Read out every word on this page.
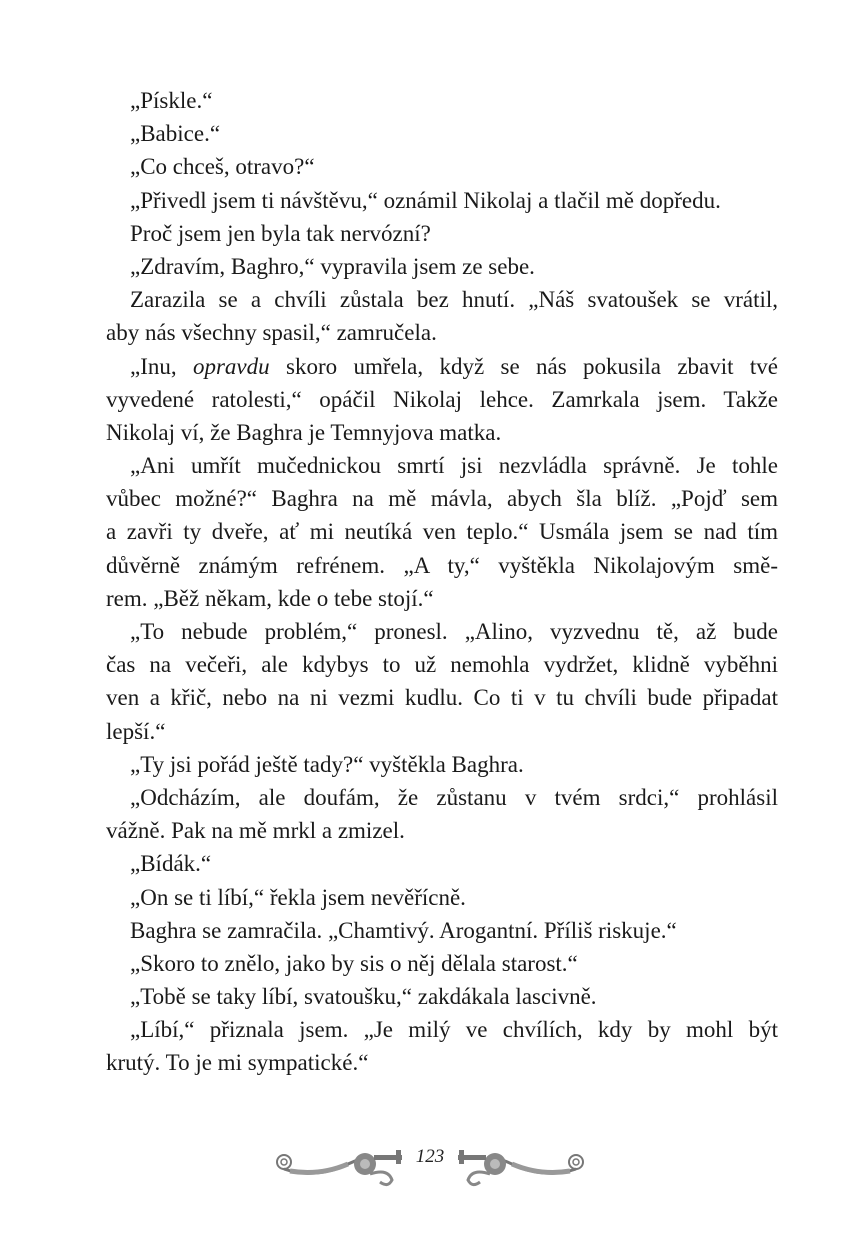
„Pískle.“
„Babice.“
„Co chceš, otravo?“
„Přivedl jsem ti návštěvu,“ oznámil Nikolaj a tlačil mě dopředu.
Proč jsem jen byla tak nervózní?
„Zdravím, Baghro,“ vypravila jsem ze sebe.
Zarazila se a chvíli zůstala bez hnutí. „Náš svatoušek se vrátil,
aby nás všechny spasil,“ zamručela.
„Inu, opravdu skoro umřela, když se nás pokusila zbavit tvé
vyvedené ratolesti,“ opáčil Nikolaj lehce. Zamrkala jsem. Takže
Nikolaj ví, že Baghra je Temnyjova matka.
„Ani umřít mučednickou smrtí jsi nezvládla správně. Je tohle
vůbec možné?“ Baghra na mě mávla, abych šla blíž. „Pojď sem
a zavři ty dveře, ať mi neutíká ven teplo.“ Usmála jsem se nad tím
důvěrně známým refrénem. „A ty,“ vyštěkla Nikolajovým smě-
rem. „Běž někam, kde o tebe stojí.“
„To nebude problém,“ pronesl. „Alino, vyzvednu tě, až bude
čas na večeři, ale kdybys to už nemohla vydržet, klidně vyběhni
ven a křič, nebo na ni vezmi kudlu. Co ti v tu chvíli bude připadat
lepší.“
„Ty jsi pořád ještě tady?“ vyštěkla Baghra.
„Odcházím, ale doufám, že zůstanu v tvém srdci,“ prohlásil
vážně. Pak na mě mrkl a zmizel.
„Bídák.“
„On se ti líbí,“ řekla jsem nevěřícně.
Baghra se zamračila. „Chamtivý. Arogantní. Příliš riskuje.“
„Skoro to znělo, jako by sis o něj dělala starost.“
„Tobě se taky líbí, svatoušku,“ zakdákala lascivně.
„Líbí,“ přiznala jsem. „Je milý ve chvílích, kdy by mohl být
krutý. To je mi sympatické.“
123
